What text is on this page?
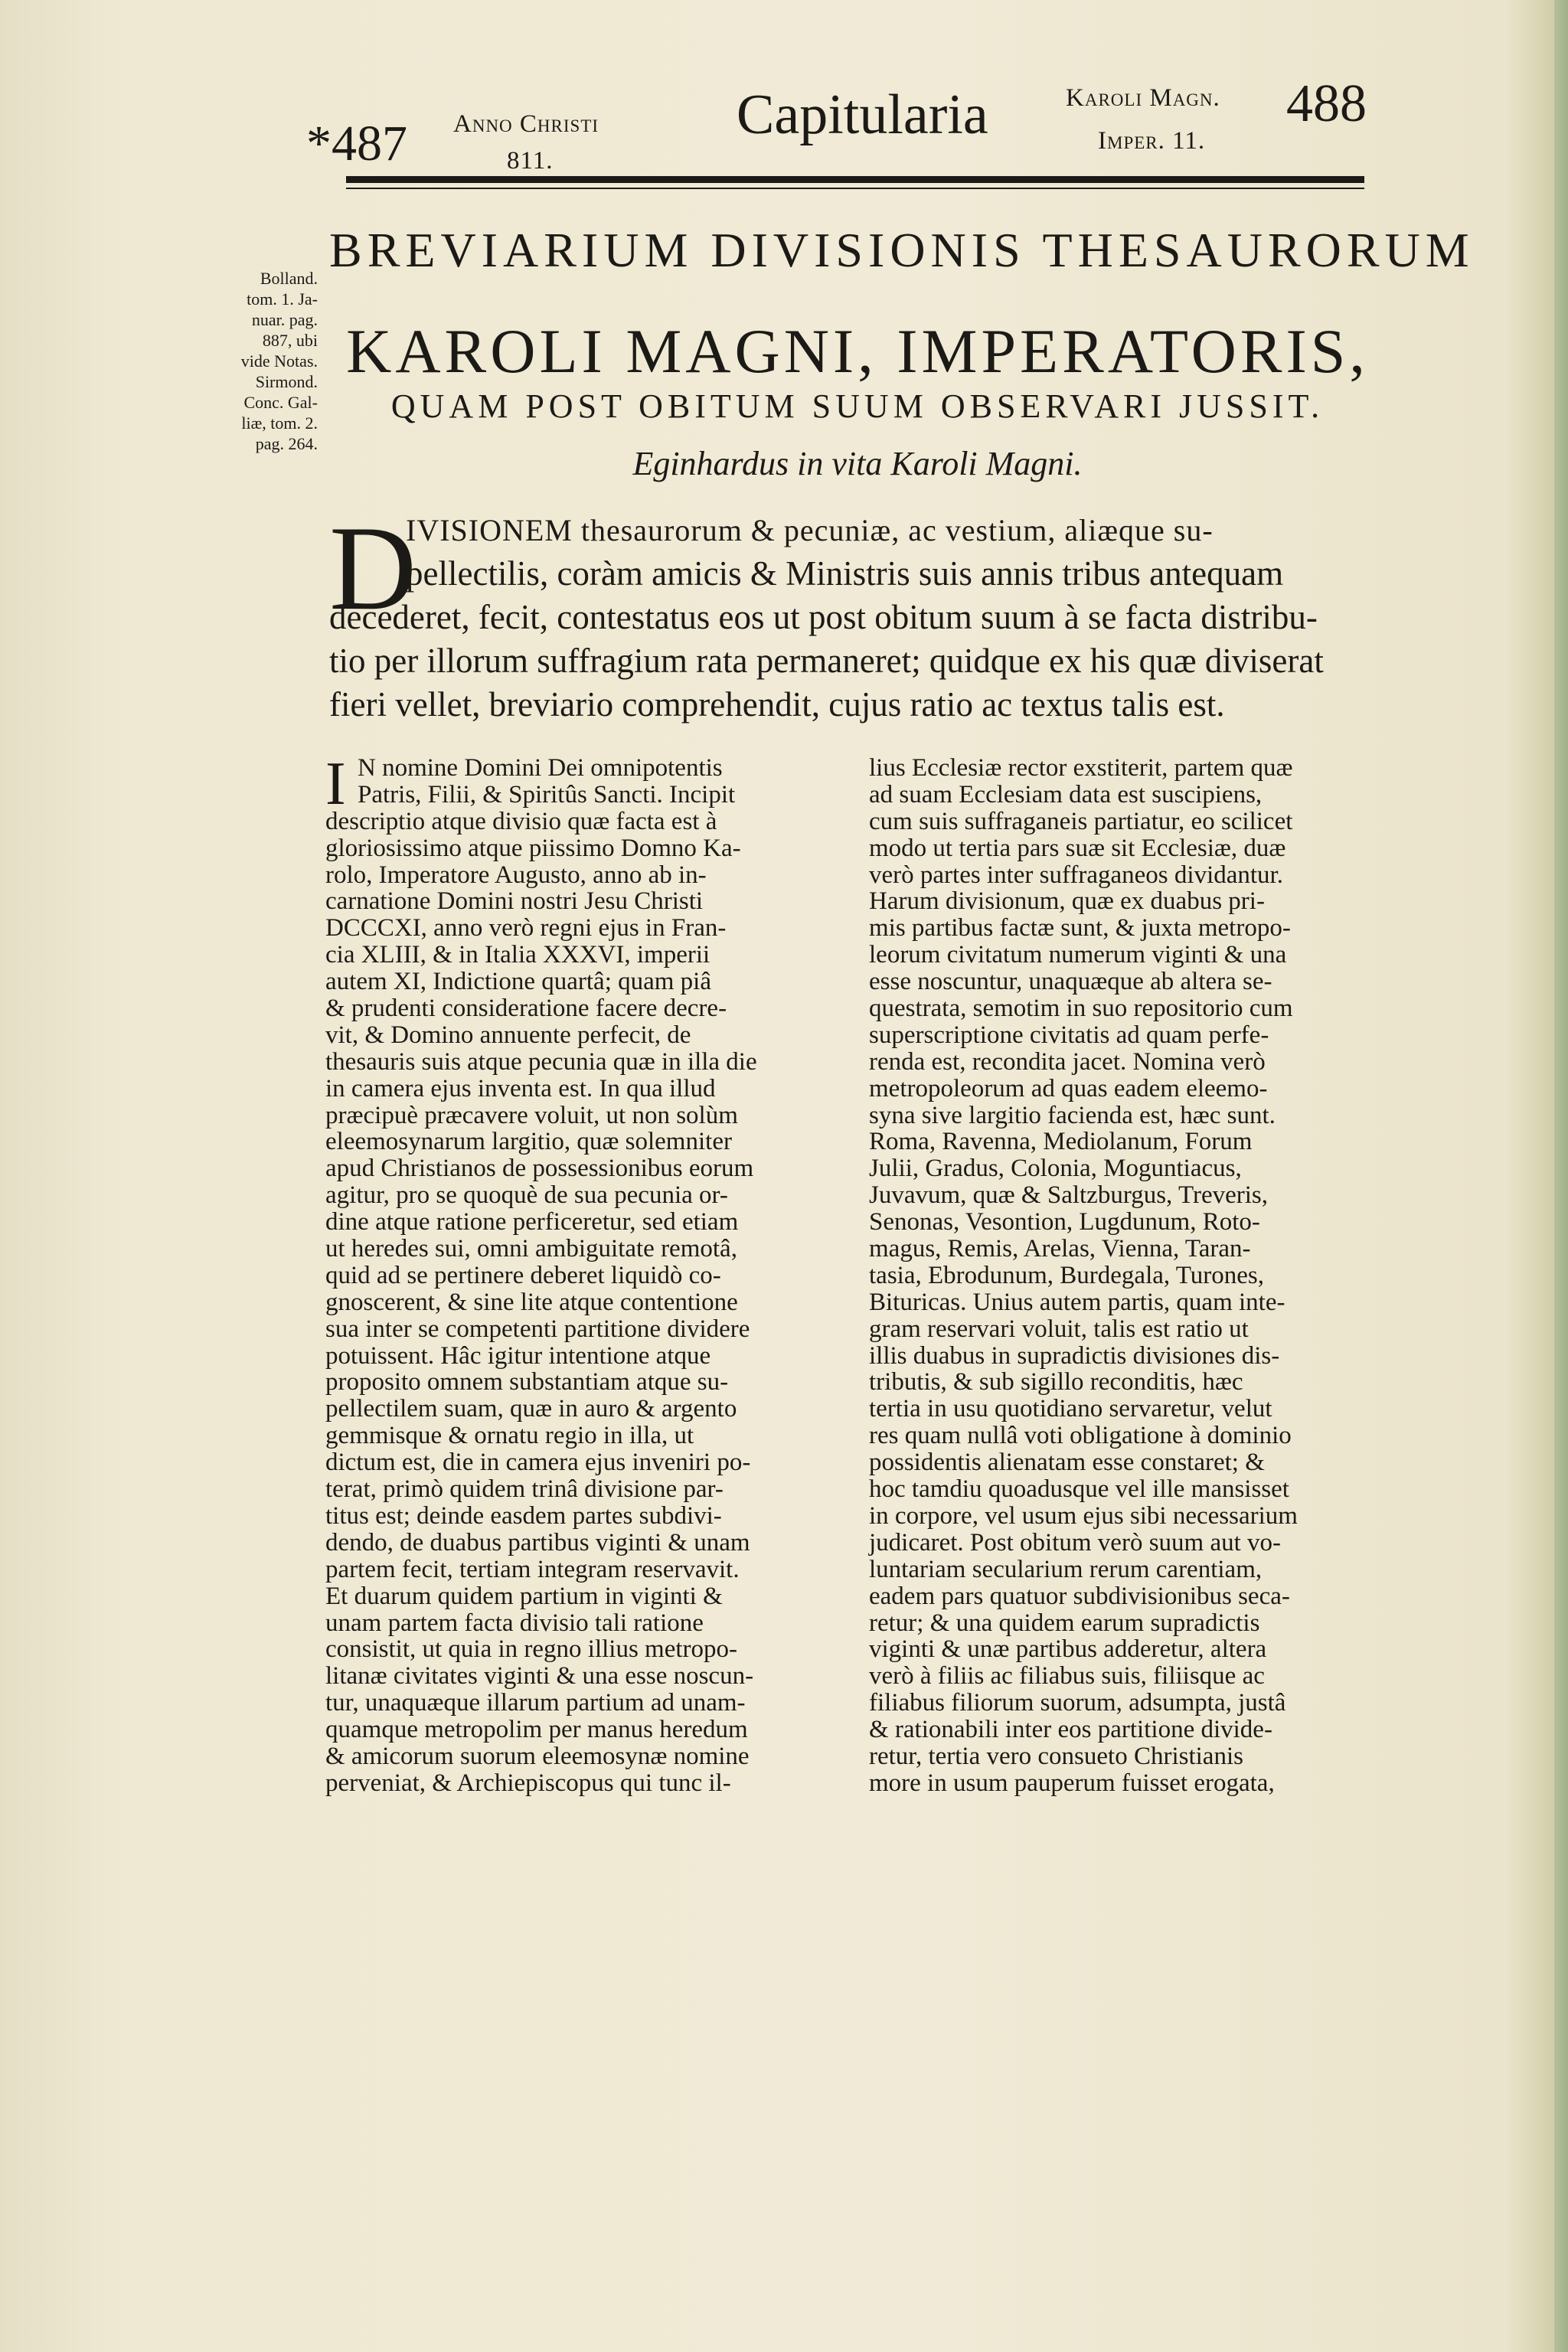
*487 Anno Christi
811.
Capitularia	Karoli Magn.
Imper. 11.
488
Bolland.
tom. 1. Ja-
nuar. pag.
887, ubi
vide Notas.
Sirmond.
Conc. Gal-
liæ, tom. 2.
pag. 264.
BREVIARIUM DIVISIONIS THESAURORUM
KAROLI MAGNI, IMPERATORIS,
QUAM POST OBITUM SUUM OBSERVARI JUSSIT.
Eginhardus in vita Karoli Magni.
D
IVISIONEM thesaurorum & pecuniæ, ac vestium, aliæque su-
pellectilis, coràm amicis & Ministris suis annis tribus antequam
decederet, fecit, contestatus eos ut post obitum suum à se facta distribu-
tio per illorum suffragium rata permaneret; quidque ex his quæ diviserat
fieri vellet, breviario comprehendit, cujus ratio ac textus talis est.
I N nomine Domini Dei omnipotentis
Patris, Filii, & Spiritûs Sancti. Incipit
descriptio atque divisio quæ facta est à
gloriosissimo atque piissimo Domno Ka-
rolo, Imperatore Augusto, anno ab in-
carnatione Domini nostri Jesu Christi
DCCCXI, anno verò regni ejus in Fran-
cia XLIII, & in Italia XXXVI, imperii
autem XI, Indictione quartâ; quam piâ
& prudenti consideratione facere decre-
vit, & Domino annuente perfecit, de
thesauris suis atque pecunia quæ in illa die
in camera ejus inventa est. In qua illud
præcipuè præcavere voluit, ut non solùm
eleemosynarum largitio, quæ solemniter
apud Christianos de possessionibus eorum
agitur, pro se quoquè de sua pecunia or-
dine atque ratione perficeretur, sed etiam
ut heredes sui, omni ambiguitate remotâ,
quid ad se pertinere deberet liquidò co-
gnoscerent, & sine lite atque contentione
sua inter se competenti partitione dividere
potuissent. Hâc igitur intentione atque
proposito omnem substantiam atque su-
pellectilem suam, quæ in auro & argento
gemmisque & ornatu regio in illa, ut
dictum est, die in camera ejus inveniri po-
terat, primò quidem trinâ divisione par-
titus est; deinde easdem partes subdivi-
dendo, de duabus partibus viginti & unam
partem fecit, tertiam integram reservavit.
Et duarum quidem partium in viginti &
unam partem facta divisio tali ratione
consistit, ut quia in regno illius metropo-
litanæ civitates viginti & una esse noscun-
tur, unaquæque illarum partium ad unam-
quamque metropolim per manus heredum
& amicorum suorum eleemosynæ nomine
perveniat, & Archiepiscopus qui tunc il-
lius Ecclesiæ rector exstiterit, partem quæ
ad suam Ecclesiam data est suscipiens,
cum suis suffraganeis partiatur, eo scilicet
modo ut tertia pars suæ sit Ecclesiæ, duæ
verò partes inter suffraganeos dividantur.
Harum divisionum, quæ ex duabus pri-
mis partibus factæ sunt, & juxta metropo-
leorum civitatum numerum viginti & una
esse noscuntur, unaquæque ab altera se-
questrata, semotim in suo repositorio cum
superscriptione civitatis ad quam perfe-
renda est, recondita jacet. Nomina verò
metropoleorum ad quas eadem eleemo-
syna sive largitio facienda est, hæc sunt.
Roma, Ravenna, Mediolanum, Forum
Julii, Gradus, Colonia, Moguntiacus,
Juvavum, quæ & Saltzburgus, Treveris,
Senonas, Vesontion, Lugdunum, Roto-
magus, Remis, Arelas, Vienna, Taran-
tasia, Ebrodunum, Burdegala, Turones,
Bituricas. Unius autem partis, quam inte-
gram reservari voluit, talis est ratio ut
illis duabus in supradictis divisiones dis-
tributis, & sub sigillo reconditis, hæc
tertia in usu quotidiano servaretur, velut
res quam nullâ voti obligatione à dominio
possidentis alienatam esse constaret; &
hoc tamdiu quoadusque vel ille mansisset
in corpore, vel usum ejus sibi necessarium
judicaret. Post obitum verò suum aut vo-
luntariam secularium rerum carentiam,
eadem pars quatuor subdivisionibus seca-
retur; & una quidem earum supradictis
viginti & unæ partibus adderetur, altera
verò à filiis ac filiabus suis, filiisque ac
filiabus filiorum suorum, adsumpta, justâ
& rationabili inter eos partitione divide-
retur, tertia vero consueto Christianis
more in usum pauperum fuisset erogata,
